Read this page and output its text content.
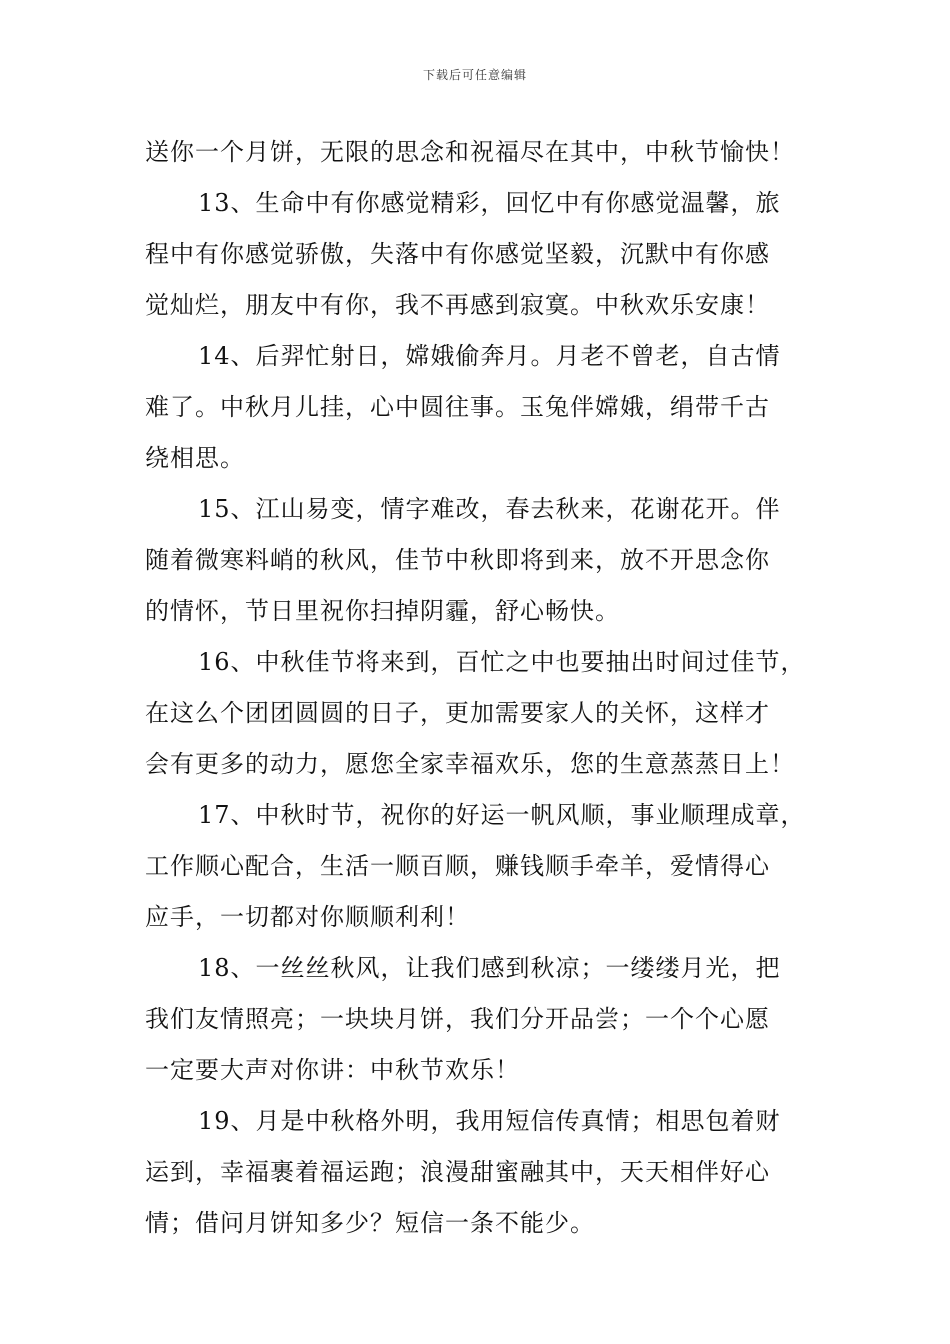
下载后可任意编辑

送你一个月饼，无限的思念和祝福尽在其中，中秋节愉快！

13、生命中有你感觉精彩，回忆中有你感觉温馨，旅
程中有你感觉骄傲，失落中有你感觉坚毅，沉默中有你感
觉灿烂，朋友中有你，我不再感到寂寞。中秋欢乐安康！

14、后羿忙射日，嫦娥偷奔月。月老不曾老，自古情
难了。中秋月儿挂，心中圆往事。玉兔伴嫦娥，绢带千古
绕相思。

15、江山易变，情字难改，春去秋来，花谢花开。伴
随着微寒料峭的秋风，佳节中秋即将到来，放不开思念你
的情怀，节日里祝你扫掉阴霾，舒心畅快。

16、中秋佳节将来到，百忙之中也要抽出时间过佳节，
在这么个团团圆圆的日子，更加需要家人的关怀，这样才
会有更多的动力，愿您全家幸福欢乐，您的生意蒸蒸日上！

17、中秋时节，祝你的好运一帆风顺，事业顺理成章，
工作顺心配合，生活一顺百顺，赚钱顺手牵羊，爱情得心
应手，一切都对你顺顺利利！

18、一丝丝秋风，让我们感到秋凉；一缕缕月光，把
我们友情照亮；一块块月饼，我们分开品尝；一个个心愿
一定要大声对你讲：中秋节欢乐！

19、月是中秋格外明，我用短信传真情；相思包着财
运到，幸福裹着福运跑；浪漫甜蜜融其中，天天相伴好心
情；借问月饼知多少？短信一条不能少。
